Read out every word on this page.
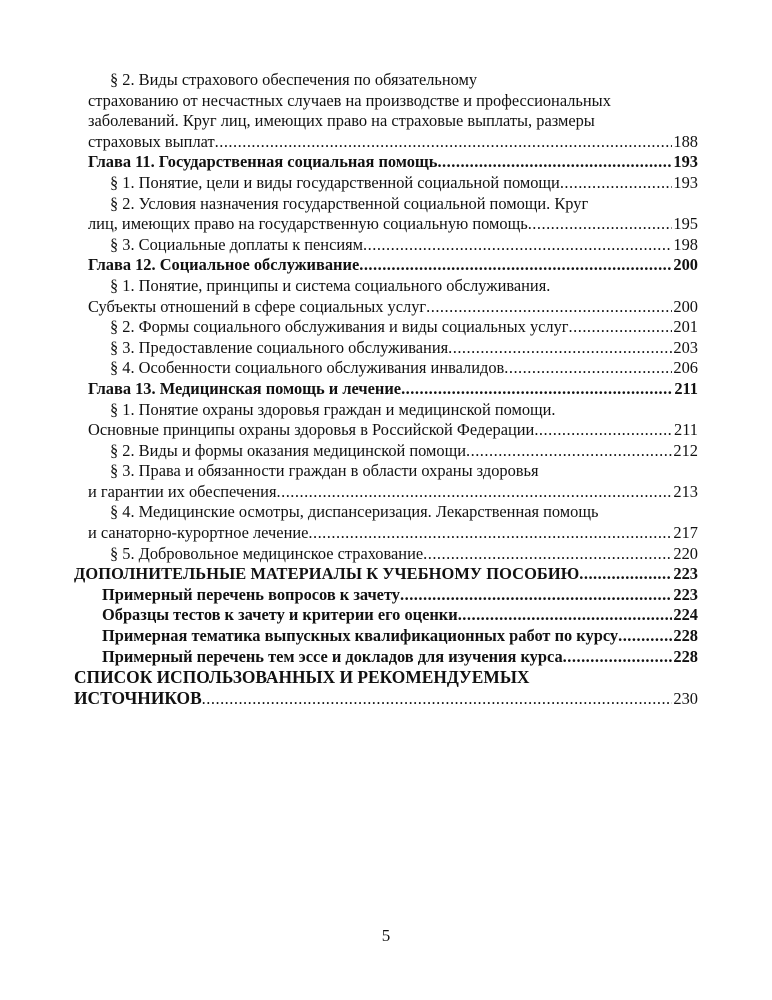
§ 2. Виды страхового обеспечения по обязательному
страхованию от несчастных случаев на производстве и профессиональных
заболеваний. Круг лиц, имеющих право на страховые выплаты, размеры
страховых выплат .....	188
Глава 11. Государственная социальная помощь .....	193
§ 1. Понятие, цели и виды государственной социальной помощи .....	193
§ 2. Условия назначения государственной социальной помощи. Круг
лиц, имеющих право на государственную социальную помощь .....	195
§ 3. Социальные доплаты к пенсиям .....	198
Глава 12. Социальное обслуживание .....	200
§ 1. Понятие, принципы и система социального обслуживания.
Субъекты отношений в сфере социальных услуг .....	200
§ 2. Формы социального обслуживания и виды социальных услуг .....	201
§ 3. Предоставление социального обслуживания .....	203
§ 4. Особенности социального обслуживания инвалидов .....	206
Глава 13. Медицинская помощь и лечение .....	211
§ 1. Понятие охраны здоровья граждан и медицинской помощи.
Основные принципы охраны здоровья в Российской Федерации .....	211
§ 2. Виды и формы оказания медицинской помощи .....	212
§ 3. Права и обязанности граждан в области охраны здоровья
и гарантии их обеспечения .....	213
§ 4. Медицинские осмотры, диспансеризация. Лекарственная помощь
и санаторно-курортное лечение .....	217
§ 5. Добровольное медицинское страхование .....	220
ДОПОЛНИТЕЛЬНЫЕ МАТЕРИАЛЫ К УЧЕБНОМУ ПОСОБИЮ .....	223
Примерный перечень вопросов к зачету .....	223
Образцы тестов к зачету и критерии его оценки .....	224
Примерная тематика выпускных квалификационных работ по курсу .....	228
Примерный перечень тем эссе и докладов для изучения курса .....	228
СПИСОК ИСПОЛЬЗОВАННЫХ И РЕКОМЕНДУЕМЫХ
ИСТОЧНИКОВ .....	230
5
